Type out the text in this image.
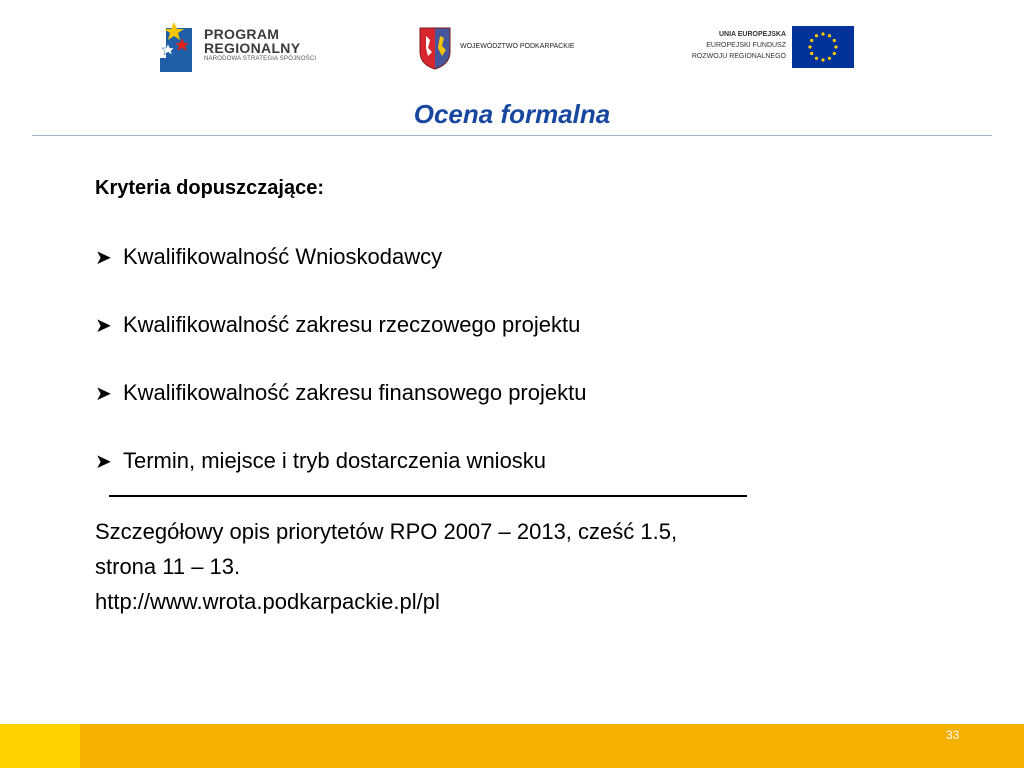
PROGRAM
REGIONALNY
NARODOWA STRATEGIA SPÓJNOŚCI
WOJEWÓDZTWO PODKARPACKIE
UNIA EUROPEJSKA
EUROPEJSKI FUNDUSZ
ROZWOJU REGIONALNEGO
Ocena formalna
Kryteria dopuszczające:
➤ Kwalifikowalność Wnioskodawcy
➤ Kwalifikowalność zakresu rzeczowego projektu
➤ Kwalifikowalność zakresu finansowego projektu
➤ Termin, miejsce i tryb dostarczenia wniosku
Szczegółowy opis priorytetów RPO 2007 – 2013, cześć 1.5,
strona 11 – 13.
http://www.wrota.podkarpackie.pl/pl
33
